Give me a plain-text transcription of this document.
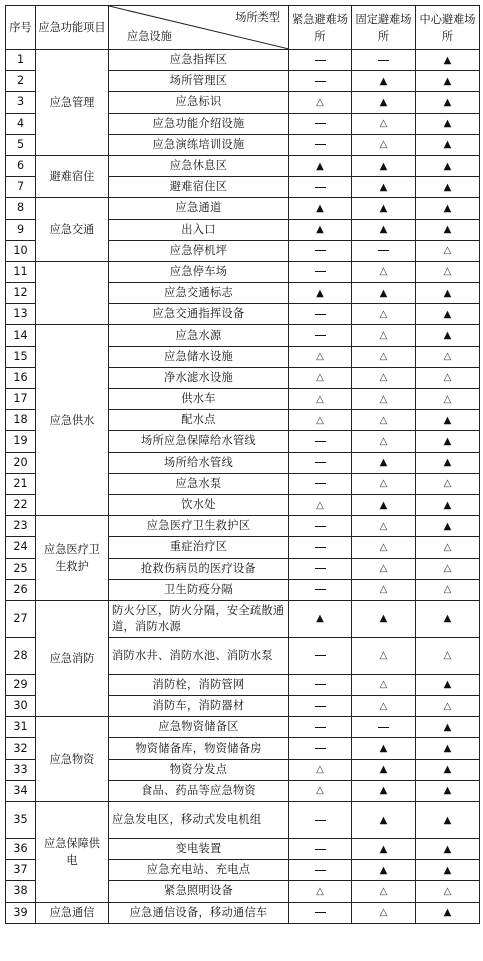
序号	应急功能项目	场所类型
应急设施	紧急避难场所	固定避难场所	中心避难场所
1	应急管理	应急指挥区			▲
2		场所管理区		▲	▲
3		应急标识	△	▲	▲
4		应急功能介绍设施		△	▲
5		应急演练培训设施		△	▲
6	避难宿住	应急休息区	▲	▲	▲
7		避难宿住区		▲	▲
8	应急交通	应急通道	▲	▲	▲
9		出入口	▲	▲	▲
10		应急停机坪			△
11		应急停车场		△	△
12		应急交通标志	▲	▲	▲
13		应急交通指挥设备		△	▲
14	应急供水	应急水源		△	▲
15		应急储水设施	△	△	△
16		净水滤水设施	△	△	△
17		供水车	△	△	△
18		配水点	△	△	▲
19		场所应急保障给水管线		△	▲
20		场所给水管线		▲	▲
21		应急水泵		△	△
22		饮水处	△	▲	▲
23	应急医疗卫生救护	应急医疗卫生救护区		△	▲
24		重症治疗区		△	△
25		抢救伤病员的医疗设备		△	△
26		卫生防疫分隔		△	△
27	应急消防	防火分区，防火分隔，安全疏散通道，消防水源	▲	▲	▲
28		消防水井、消防水池、消防水泵		△	△
29		消防栓，消防管网		△	▲
30		消防车，消防器材		△	△
31	应急物资	应急物资储备区			▲
32		物资储备库，物资储备房		▲	▲
33		物资分发点	△	▲	▲
34		食品、药品等应急物资	△	▲	▲
35	应急保障供电	应急发电区，移动式发电机组		▲	▲
36		变电装置		▲	▲
37		应急充电站、充电点		▲	▲
38		紧急照明设备	△	△	△
39	应急通信	应急通信设备，移动通信车		△	▲
